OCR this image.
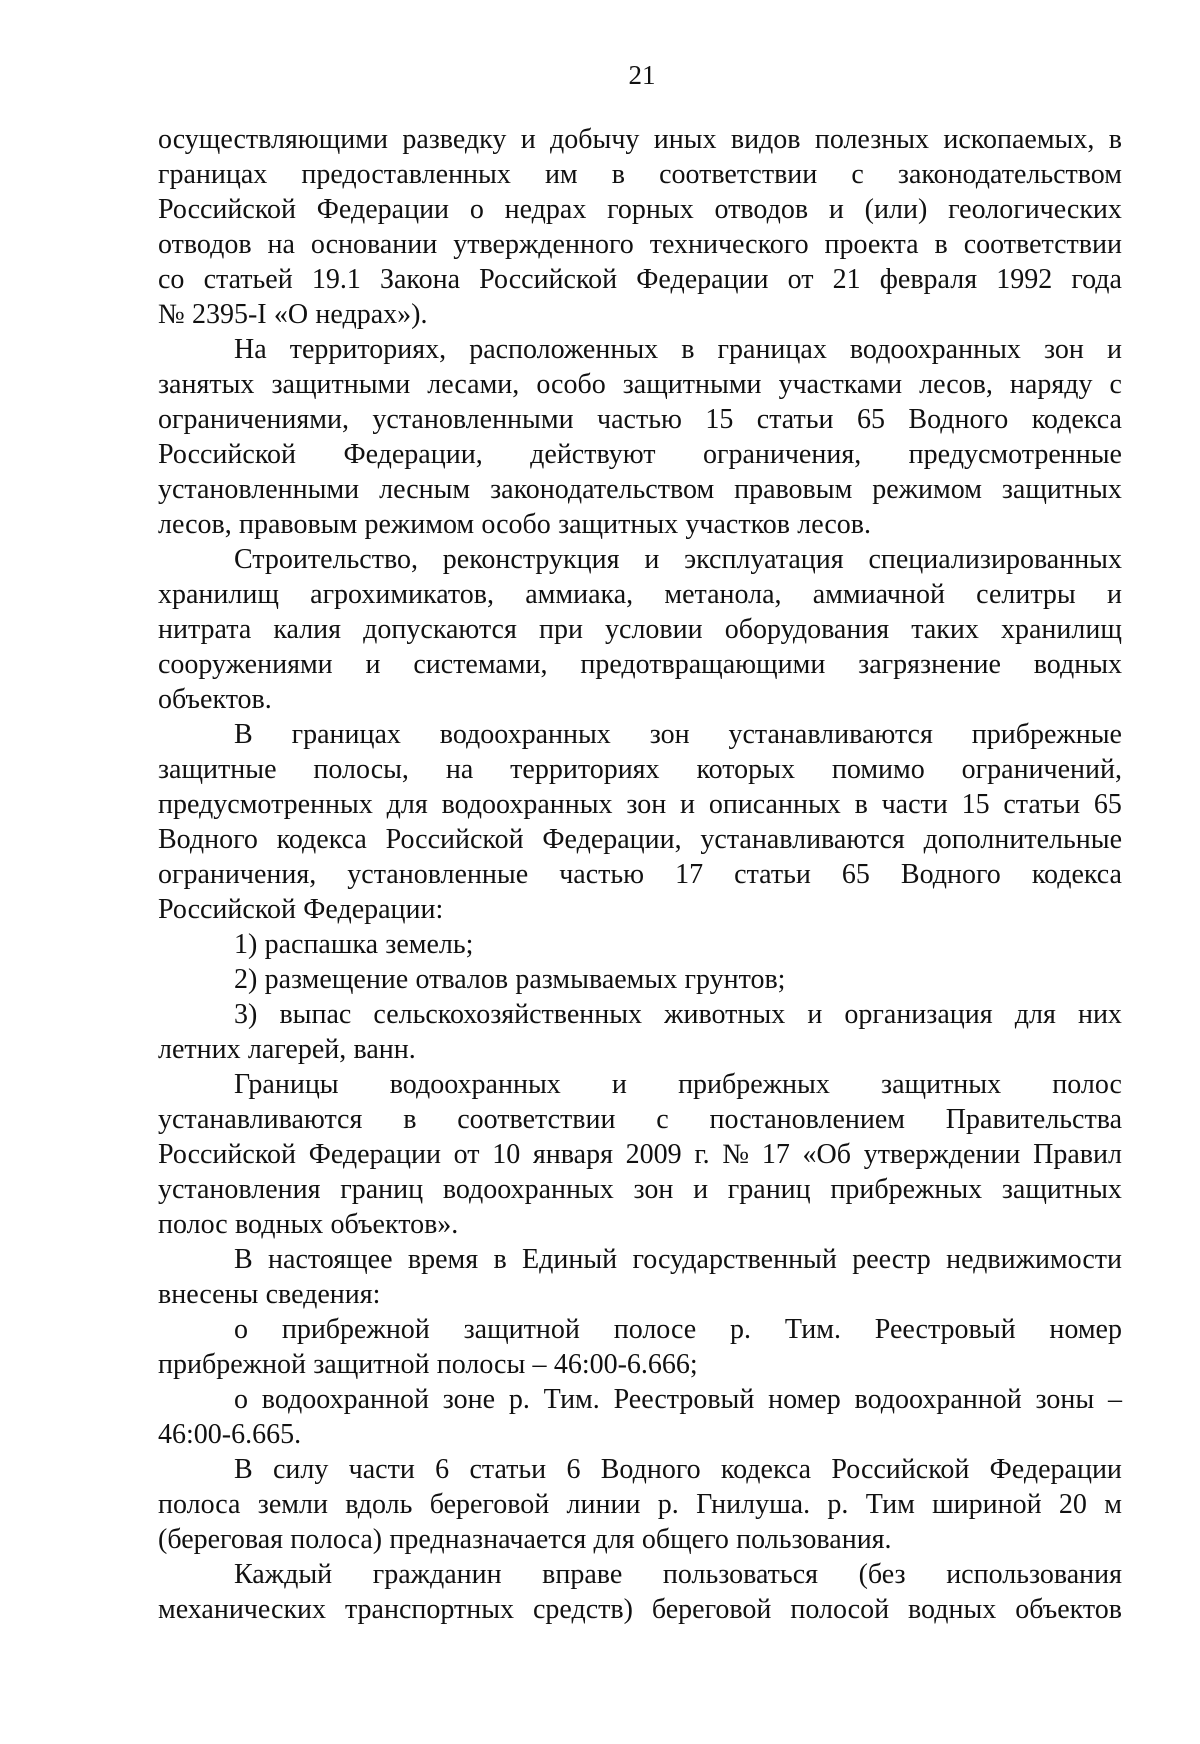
21
осуществляющими разведку и добычу иных видов полезных ископаемых, в
границах предоставленных им в соответствии с законодательством
Российской Федерации о недрах горных отводов и (или) геологических
отводов на основании утвержденного технического проекта в соответствии
со статьей 19.1 Закона Российской Федерации от 21 февраля 1992 года
№ 2395-I «О недрах»).
На территориях, расположенных в границах водоохранных зон и
занятых защитными лесами, особо защитными участками лесов, наряду с
ограничениями, установленными частью 15 статьи 65 Водного кодекса
Российской Федерации, действуют ограничения, предусмотренные
установленными лесным законодательством правовым режимом защитных
лесов, правовым режимом особо защитных участков лесов.
Строительство, реконструкция и эксплуатация специализированных
хранилищ агрохимикатов, аммиака, метанола, аммиачной селитры и
нитрата калия допускаются при условии оборудования таких хранилищ
сооружениями и системами, предотвращающими загрязнение водных
объектов.
В границах водоохранных зон устанавливаются прибрежные
защитные полосы, на территориях которых помимо ограничений,
предусмотренных для водоохранных зон и описанных в части 15 статьи 65
Водного кодекса Российской Федерации, устанавливаются дополнительные
ограничения, установленные частью 17 статьи 65 Водного кодекса
Российской Федерации:
1) распашка земель;
2) размещение отвалов размываемых грунтов;
3) выпас сельскохозяйственных животных и организация для них
летних лагерей, ванн.
Границы водоохранных и прибрежных защитных полос
устанавливаются в соответствии с постановлением Правительства
Российской Федерации от 10 января 2009 г. № 17 «Об утверждении Правил
установления границ водоохранных зон и границ прибрежных защитных
полос водных объектов».
В настоящее время в Единый государственный реестр недвижимости
внесены сведения:
о прибрежной защитной полосе р. Тим. Реестровый номер
прибрежной защитной полосы – 46:00-6.666;
о водоохранной зоне р. Тим. Реестровый номер водоохранной зоны –
46:00-6.665.
В силу части 6 статьи 6 Водного кодекса Российской Федерации
полоса земли вдоль береговой линии р. Гнилуша. р. Тим шириной 20 м
(береговая полоса) предназначается для общего пользования.
Каждый гражданин вправе пользоваться (без использования
механических транспортных средств) береговой полосой водных объектов
